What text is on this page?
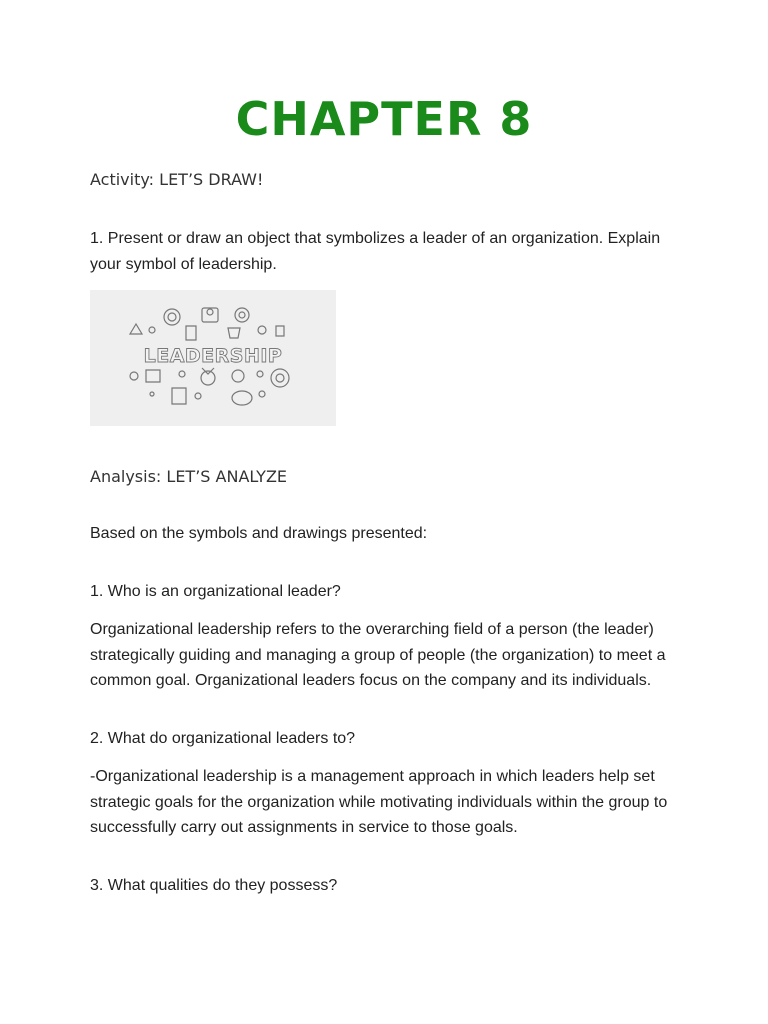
CHAPTER 8

Activity: LET’S DRAW!

1. Present or draw an object that symbolizes a leader of an organization. Explain your symbol of leadership.

LEADERSHIP

Analysis: LET’S ANALYZE

Based on the symbols and drawings presented:

1. Who is an organizational leader?

Organizational leadership refers to the overarching field of a person (the leader) strategically guiding and managing a group of people (the organization) to meet a common goal. Organizational leaders focus on the company and its individuals.

2. What do organizational leaders to?

-Organizational leadership is a management approach in which leaders help set strategic goals for the organization while motivating individuals within the group to successfully carry out assignments in service to those goals.

3. What qualities do they possess?
